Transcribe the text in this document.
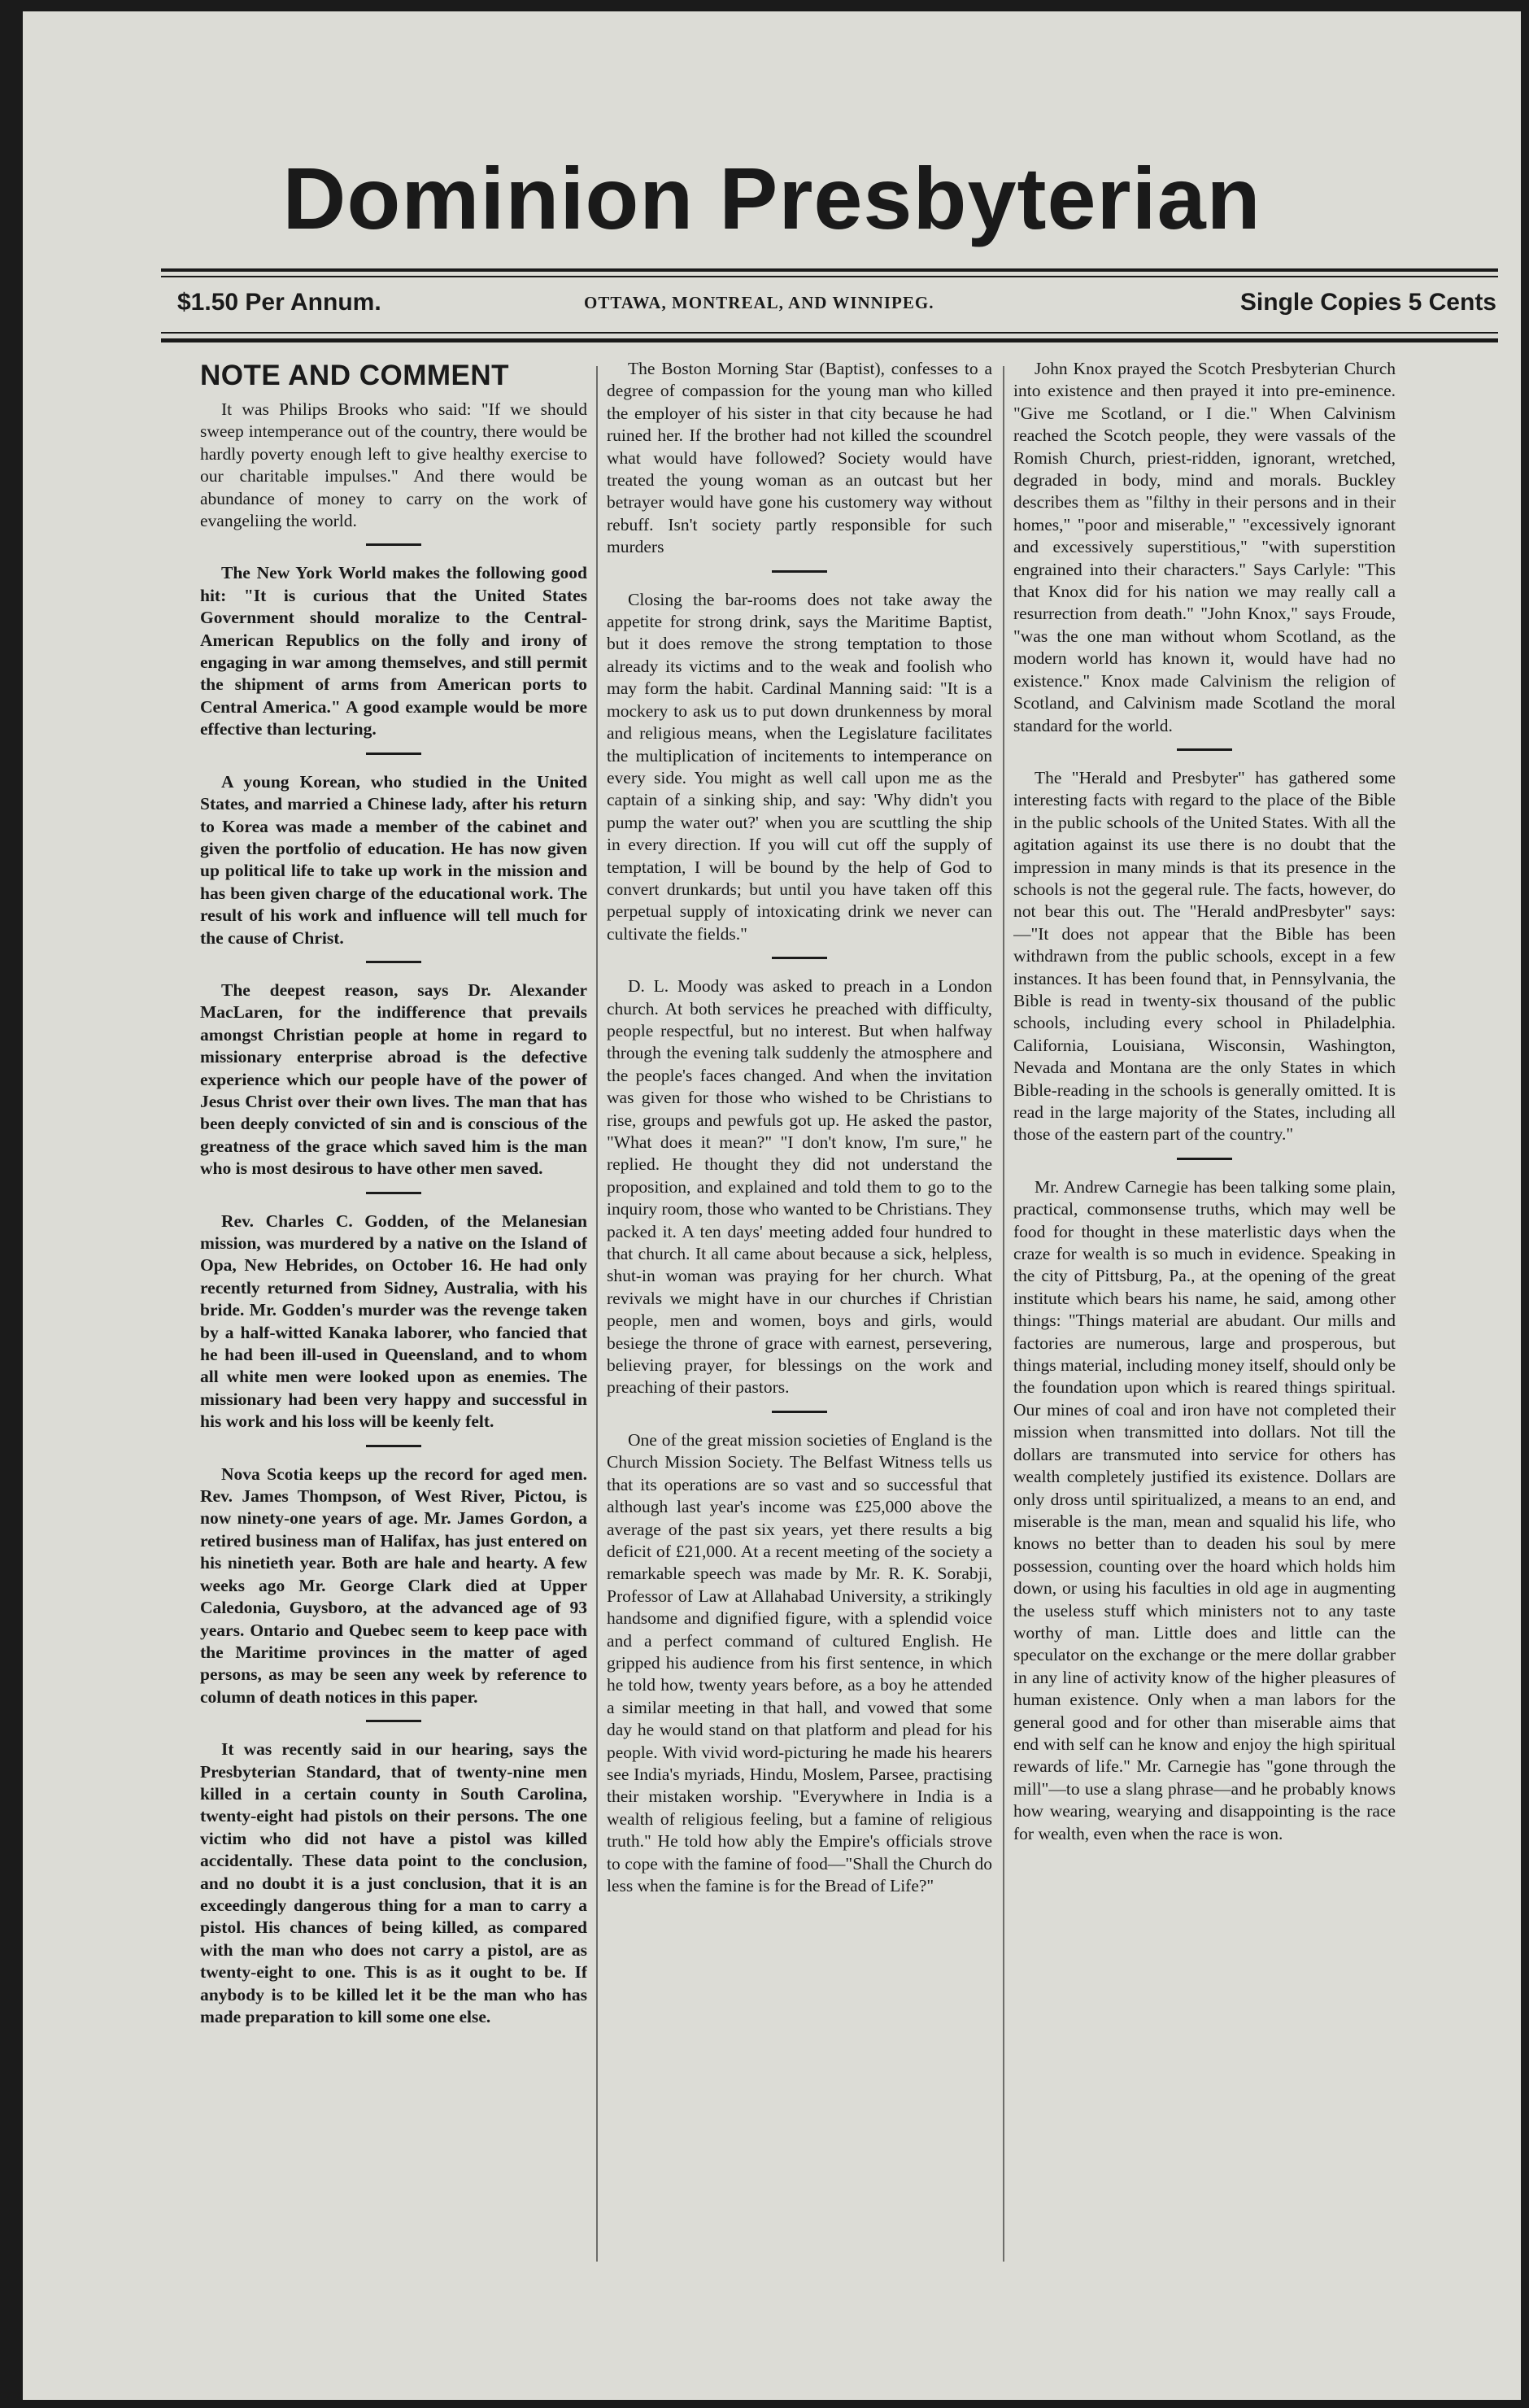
Dominion Presbyterian
$1.50 Per Annum.	OTTAWA, MONTREAL, AND WINNIPEG.	Single Copies 5 Cents
NOTE AND COMMENT

It was Philips Brooks who said: "If we should sweep intemperance out of the country, there would be hardly poverty enough left to give healthy exercise to our charitable impulses." And there would be abundance of money to carry on the work of evangeliing the world.

The New York World makes the following good hit: "It is curious that the United States Government should moralize to the Central-American Republics on the folly and irony of engaging in war among themselves, and still permit the shipment of arms from American ports to Central America." A good example would be more effective than lecturing.

A young Korean, who studied in the United States, and married a Chinese lady, after his return to Korea was made a member of the cabinet and given the portfolio of education. He has now given up political life to take up work in the mission and has been given charge of the educational work. The result of his work and influence will tell much for the cause of Christ.

The deepest reason, says Dr. Alexander MacLaren, for the indifference that prevails amongst Christian people at home in regard to missionary enterprise abroad is the defective experience which our people have of the power of Jesus Christ over their own lives. The man that has been deeply convicted of sin and is conscious of the greatness of the grace which saved him is the man who is most desirous to have other men saved.

Rev. Charles C. Godden, of the Melanesian mission, was murdered by a native on the Island of Opa, New Hebrides, on October 16. He had only recently returned from Sidney, Australia, with his bride. Mr. Godden's murder was the revenge taken by a half-witted Kanaka laborer, who fancied that he had been ill-used in Queensland, and to whom all white men were looked upon as enemies. The missionary had been very happy and successful in his work and his loss will be keenly felt.

Nova Scotia keeps up the record for aged men. Rev. James Thompson, of West River, Pictou, is now ninety-one years of age. Mr. James Gordon, a retired business man of Halifax, has just entered on his ninetieth year. Both are hale and hearty. A few weeks ago Mr. George Clark died at Upper Caledonia, Guysboro, at the advanced age of 93 years. Ontario and Quebec seem to keep pace with the Maritime provinces in the matter of aged persons, as may be seen any week by reference to column of death notices in this paper.

It was recently said in our hearing, says the Presbyterian Standard, that of twenty-nine men killed in a certain county in South Carolina, twenty-eight had pistols on their persons. The one victim who did not have a pistol was killed accidentally. These data point to the conclusion, and no doubt it is a just conclusion, that it is an exceedingly dangerous thing for a man to carry a pistol. His chances of being killed, as compared with the man who does not carry a pistol, are as twenty-eight to one. This is as it ought to be. If anybody is to be killed let it be the man who has made preparation to kill some one else.

The Boston Morning Star (Baptist), confesses to a degree of compassion for the young man who killed the employer of his sister in that city because he had ruined her. If the brother had not killed the scoundrel what would have followed? Society would have treated the young woman as an outcast but her betrayer would have gone his customery way without rebuff. Isn't society partly responsible for such murders

Closing the bar-rooms does not take away the appetite for strong drink, says the Maritime Baptist, but it does remove the strong temptation to those already its victims and to the weak and foolish who may form the habit. Cardinal Manning said: "It is a mockery to ask us to put down drunkenness by moral and religious means, when the Legislature facilitates the multiplication of incitements to intemperance on every side. You might as well call upon me as the captain of a sinking ship, and say: 'Why didn't you pump the water out?' when you are scuttling the ship in every direction. If you will cut off the supply of temptation, I will be bound by the help of God to convert drunkards; but until you have taken off this perpetual supply of intoxicating drink we never can cultivate the fields."

D. L. Moody was asked to preach in a London church. At both services he preached with difficulty, people respectful, but no interest. But when halfway through the evening talk suddenly the atmosphere and the people's faces changed. And when the invitation was given for those who wished to be Christians to rise, groups and pewfuls got up. He asked the pastor, "What does it mean?" "I don't know, I'm sure," he replied. He thought they did not understand the proposition, and explained and told them to go to the inquiry room, those who wanted to be Christians. They packed it. A ten days' meeting added four hundred to that church. It all came about because a sick, helpless, shut-in woman was praying for her church. What revivals we might have in our churches if Christian people, men and women, boys and girls, would besiege the throne of grace with earnest, persevering, believing prayer, for blessings on the work and preaching of their pastors.

One of the great mission societies of England is the Church Mission Society. The Belfast Witness tells us that its operations are so vast and so successful that although last year's income was £25,000 above the average of the past six years, yet there results a big deficit of £21,000. At a recent meeting of the society a remarkable speech was made by Mr. R. K. Sorabji, Professor of Law at Allahabad University, a strikingly handsome and dignified figure, with a splendid voice and a perfect command of cultured English. He gripped his audience from his first sentence, in which he told how, twenty years before, as a boy he attended a similar meeting in that hall, and vowed that some day he would stand on that platform and plead for his people. With vivid word-picturing he made his hearers see India's myriads, Hindu, Moslem, Parsee, practising their mistaken worship. "Everywhere in India is a wealth of religious feeling, but a famine of religious truth." He told how ably the Empire's officials strove to cope with the famine of food—"Shall the Church do less when the famine is for the Bread of Life?"

John Knox prayed the Scotch Presbyterian Church into existence and then prayed it into pre-eminence. "Give me Scotland, or I die." When Calvinism reached the Scotch people, they were vassals of the Romish Church, priest-ridden, ignorant, wretched, degraded in body, mind and morals. Buckley describes them as "filthy in their persons and in their homes," "poor and miserable," "excessively ignorant and excessively superstitious," "with superstition engrained into their characters." Says Carlyle: "This that Knox did for his nation we may really call a resurrection from death." "John Knox," says Froude, "was the one man without whom Scotland, as the modern world has known it, would have had no existence." Knox made Calvinism the religion of Scotland, and Calvinism made Scotland the moral standard for the world.

The "Herald and Presbyter" has gathered some interesting facts with regard to the place of the Bible in the public schools of the United States. With all the agitation against its use there is no doubt that the impression in many minds is that its presence in the schools is not the gegeral rule. The facts, however, do not bear this out. The "Herald andPresbyter" says:—"It does not appear that the Bible has been withdrawn from the public schools, except in a few instances. It has been found that, in Pennsylvania, the Bible is read in twenty-six thousand of the public schools, including every school in Philadelphia. California, Louisiana, Wisconsin, Washington, Nevada and Montana are the only States in which Bible-reading in the schools is generally omitted. It is read in the large majority of the States, including all those of the eastern part of the country."

Mr. Andrew Carnegie has been talking some plain, practical, commonsense truths, which may well be food for thought in these materlistic days when the craze for wealth is so much in evidence. Speaking in the city of Pittsburg, Pa., at the opening of the great institute which bears his name, he said, among other things: "Things material are abudant. Our mills and factories are numerous, large and prosperous, but things material, including money itself, should only be the foundation upon which is reared things spiritual. Our mines of coal and iron have not completed their mission when transmitted into dollars. Not till the dollars are transmuted into service for others has wealth completely justified its existence. Dollars are only dross until spiritualized, a means to an end, and miserable is the man, mean and squalid his life, who knows no better than to deaden his soul by mere possession, counting over the hoard which holds him down, or using his faculties in old age in augmenting the useless stuff which ministers not to any taste worthy of man. Little does and little can the speculator on the exchange or the mere dollar grabber in any line of activity know of the higher pleasures of human existence. Only when a man labors for the general good and for other than miserable aims that end with self can he know and enjoy the high spiritual rewards of life." Mr. Carnegie has "gone through the mill"—to use a slang phrase—and he probably knows how wearing, wearying and disappointing is the race for wealth, even when the race is won.
